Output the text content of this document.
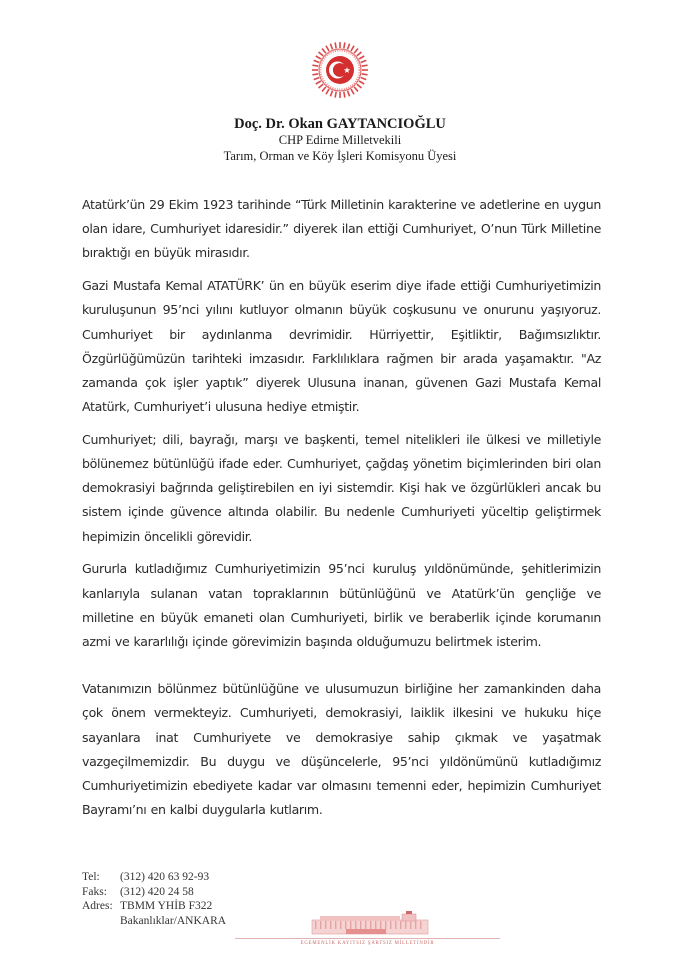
Doç. Dr. Okan GAYTANCIOĞLU
CHP Edirne Milletvekili
Tarım, Orman ve Köy İşleri Komisyonu Üyesi

Atatürk’ün 29 Ekim 1923 tarihinde “Türk Milletinin karakterine ve adetlerine en uygun olan idare, Cumhuriyet idaresidir.” diyerek ilan ettiği Cumhuriyet, O’nun Türk Milletine bıraktığı en büyük mirasıdır.

Gazi Mustafa Kemal ATATÜRK’ ün en büyük eserim diye ifade ettiği Cumhuriyetimizin kuruluşunun 95’nci yılını kutluyor olmanın büyük coşkusunu ve onurunu yaşıyoruz. Cumhuriyet bir aydınlanma devrimidir. Hürriyettir, Eşitliktir, Bağımsızlıktır. Özgürlüğümüzün tarihteki imzasıdır. Farklılıklara rağmen bir arada yaşamaktır. "Az zamanda çok işler yaptık” diyerek Ulusuna inanan, güvenen Gazi Mustafa Kemal Atatürk, Cumhuriyet’i ulusuna hediye etmiştir.

Cumhuriyet; dili, bayrağı, marşı ve başkenti, temel nitelikleri ile ülkesi ve milletiyle bölünemez bütünlüğü ifade eder. Cumhuriyet, çağdaş yönetim biçimlerinden biri olan demokrasiyi bağrında geliştirebilen en iyi sistemdir. Kişi hak ve özgürlükleri ancak bu sistem içinde güvence altında olabilir. Bu nedenle Cumhuriyeti yüceltip geliştirmek hepimizin öncelikli görevidir.

Gururla kutladığımız Cumhuriyetimizin 95’nci kuruluş yıldönümünde, şehitlerimizin kanlarıyla sulanan vatan topraklarının bütünlüğünü ve Atatürk’ün gençliğe ve milletine en büyük emaneti olan Cumhuriyeti, birlik ve beraberlik içinde korumanın azmi ve kararlılığı içinde görevimizin başında olduğumuzu belirtmek isterim.

Vatanımızın bölünmez bütünlüğüne ve ulusumuzun birliğine her zamankinden daha çok önem vermekteyiz. Cumhuriyeti, demokrasiyi, laiklik ilkesini ve hukuku hiçe sayanlara inat Cumhuriyete ve demokrasiye sahip çıkmak ve yaşatmak vazgeçilmemizdir. Bu duygu ve düşüncelerle, 95’nci yıldönümünü kutladığımız Cumhuriyetimizin ebediyete kadar var olmasını temenni eder, hepimizin Cumhuriyet Bayramı’nı en kalbi duygularla kutlarım.

Tel:	(312) 420 63 92-93
Faks:	(312) 420 24 58
Adres: TBMM YHİB F322
Bakanlıklar/ANKARA
EGEMENLİK KAYITSIZ ŞARTSIZ MİLLETİNDİR
